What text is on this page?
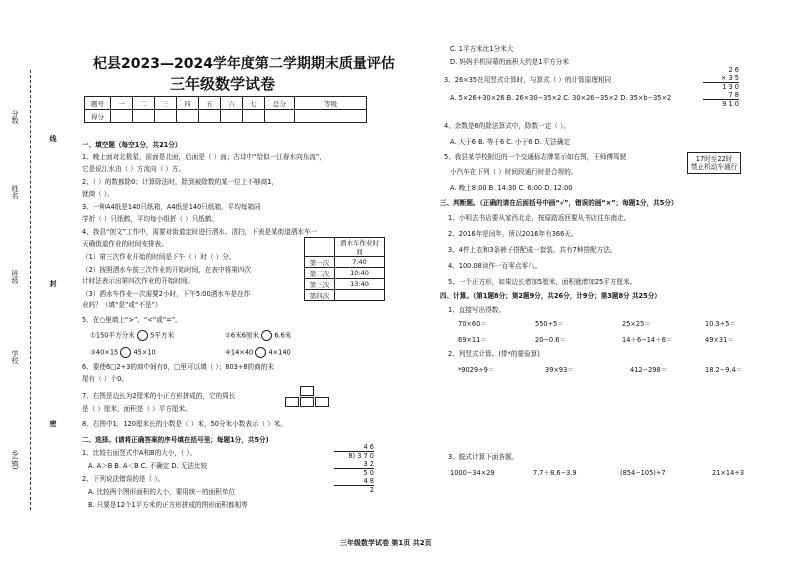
分数
姓名
班级
学校
乡(镇)
线
封
密
杞县2023—2024学年度第二学期期末质量评估
三年级数学试卷
题号	一	二	三	四	五	六	七	总分	等级
得分									
一、填空题（每空1分，共21分）
1、晚上面对北极星，前面是北面，后面是（ ）面；古诗中“恰似一江春水向东流”，
它是说江水由（ ）方流向（ ）方。
2、（ ）的数都除0；计算除法时，除到被除数的某一位上不够商1，
就商（ ）。
3、一种A4纸是140只纸箱，A4纸是140只纸箱，平均每箱同
学折（ ）只纸鹤，平均每小组折（ ）只纸鹤。
4、我县“创文”工作中，需要对街道定时进行洒水、清扫，下表是某街道洒水车一
天确街道作业的时间安排表。
（1）第三次作业开始的时间是下午（ ）时（ ）分。
（2）按照洒水车前三次作业的开始时间，在表中将第四次
计时法表示出第四次作业的开始时间。
（3）洒水车作业一次需要2小时，下午5:00洒水车是在作
业吗？（填“是”或“不是”）
	洒水车作业时间
第一次	7:40
第二次	10:40
第三次	13:40
第四次	
5、在○里填上“>”、“<”或“=”。
①150平方分米 5平方米	②6米6厘米 6.6米
③40×15 45×10	④14×40 4×140
6、要使6□2÷3的商中间有0，□里可以填（ ）；803÷8的商的末
尾有（ ）个0。
7、右图是边长为2厘米的小正方形拼成的，它的周长
是（ ）厘米，面积是（ ）平方厘米。
8、右图中1，120厘米长的小数是（ ）米，50分米小数表示（ ）米。
二、选择。(请将正确答案的序号填在括号里；每题1分，共5分)
1、比较右面竖式中A和B的大小，（ ）。
A. A＞B B. A＜B C. 不确定 D. 无法比较
2、下列说法错误的是（ ）。
A. 比较两个图形面积的大小，要用统一的面积单位
B. 只要是12个1平方米的正方形拼成的图形面积都相等
4 6
8) 3 7 0
3 2
5 0
4 8
2
C. 1平方米比1分米大
D. 妈妈手机屏幕的面积大约是1平方分米
3、26×35在用竖式计算时，与算式（ ）的计算原理相同
A. 5×26+30×26 B. 26×30−35×2 C. 30×26−35×2 D. 35×b−35×2
2 6
× 3 5
1 3 0
7 8
9 1 0
4、余数是6的除法算式中，除数一定（ ）。
A. 大于6 B. 等于6 C. 小于6 D. 无法确定
5、我县某学校附近的一个交通标志牌显示如右图，王师傅驾驶
小汽车在下列（ ）时间段通行时是合规的。
A. 晚上8:00 B. 14:30 C. 6:00 D. 12:00
17时至22时
禁止机动车通行
三、判断题。（正确的请在后面括号中画“√”，错误的画“×”；每题1分，共5分）
1、小明去书店要从家西北走，按原路返回要从书店往东南走。
2、2016年是闰年，所以2016年有366天。
3、4件上衣和3条裤子搭配成一套装，共有7种搭配方法。
4、100.08读作一百零点零八。
5、一个正方形，如果边长增加5厘米，面积就增加25平方厘米。
四、计算。（第1题8分；第2题9分，共26分，计9分；第3题8分 共25分）
1、直接写出得数。
70×60＝	550÷5＝	25×25＝	10.3÷5＝
69×11＝	20−0.6＝	14＋6−14＋6＝	49×31＝
2、列竖式计算。(带*的要验算)
*9029÷9＝	39×93＝	412−298＝	18.2−9.4＝
3、脱式计算下面各题。
1000−34×29	7.7＋8.6−3.9	(854−105)÷7	21×14÷3
三年级数学试卷 第1页 共2页
